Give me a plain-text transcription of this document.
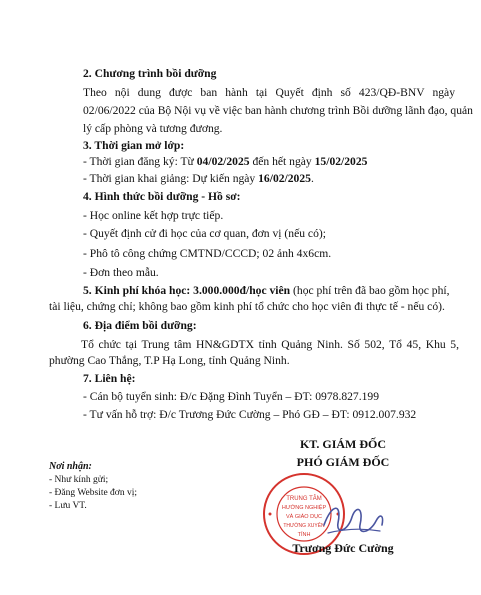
2. Chương trình bồi dưỡng
Theo nội dung được ban hành tại Quyết định số 423/QĐ-BNV ngày
02/06/2022 của Bộ Nội vụ về việc ban hành chương trình Bồi dưỡng lãnh đạo, quản
lý cấp phòng và tương đương.
3. Thời gian mở lớp:
- Thời gian đăng ký: Từ 04/02/2025 đến hết ngày 15/02/2025
- Thời gian khai giảng: Dự kiến ngày 16/02/2025.
4. Hình thức bồi dưỡng - Hồ sơ:
- Học online kết hợp trực tiếp.
- Quyết định cử đi học của cơ quan, đơn vị (nếu có);
- Phô tô công chứng CMTND/CCCD; 02 ảnh 4x6cm.
- Đơn theo mẫu.
5. Kinh phí khóa học: 3.000.000đ/học viên (học phí trên đã bao gồm học phí,
tài liệu, chứng chỉ; không bao gồm kinh phí tổ chức cho học viên đi thực tế - nếu có).
6. Địa điểm bồi dưỡng:
Tổ chức tại Trung tâm HN&GDTX tỉnh Quảng Ninh. Số 502, Tổ 45, Khu 5,
phường Cao Thắng, T.P Hạ Long, tỉnh Quảng Ninh.
7. Liên hệ:
- Cán bộ tuyển sinh: Đ/c Đặng Đình Tuyển – ĐT: 0978.827.199
- Tư vấn hỗ trợ: Đ/c Trương Đức Cường – Phó GĐ – ĐT: 0912.007.932
Nơi nhận:
- Như kính gửi;
- Đăng Website đơn vị;
- Lưu VT.
KT. GIÁM ĐỐC
PHÓ GIÁM ĐỐC
TRUNG TÂM
HƯỚNG NGHIỆP
VÀ GIÁO DỤC
THƯỜNG XUYÊN
TỈNH
Trương Đức Cường
